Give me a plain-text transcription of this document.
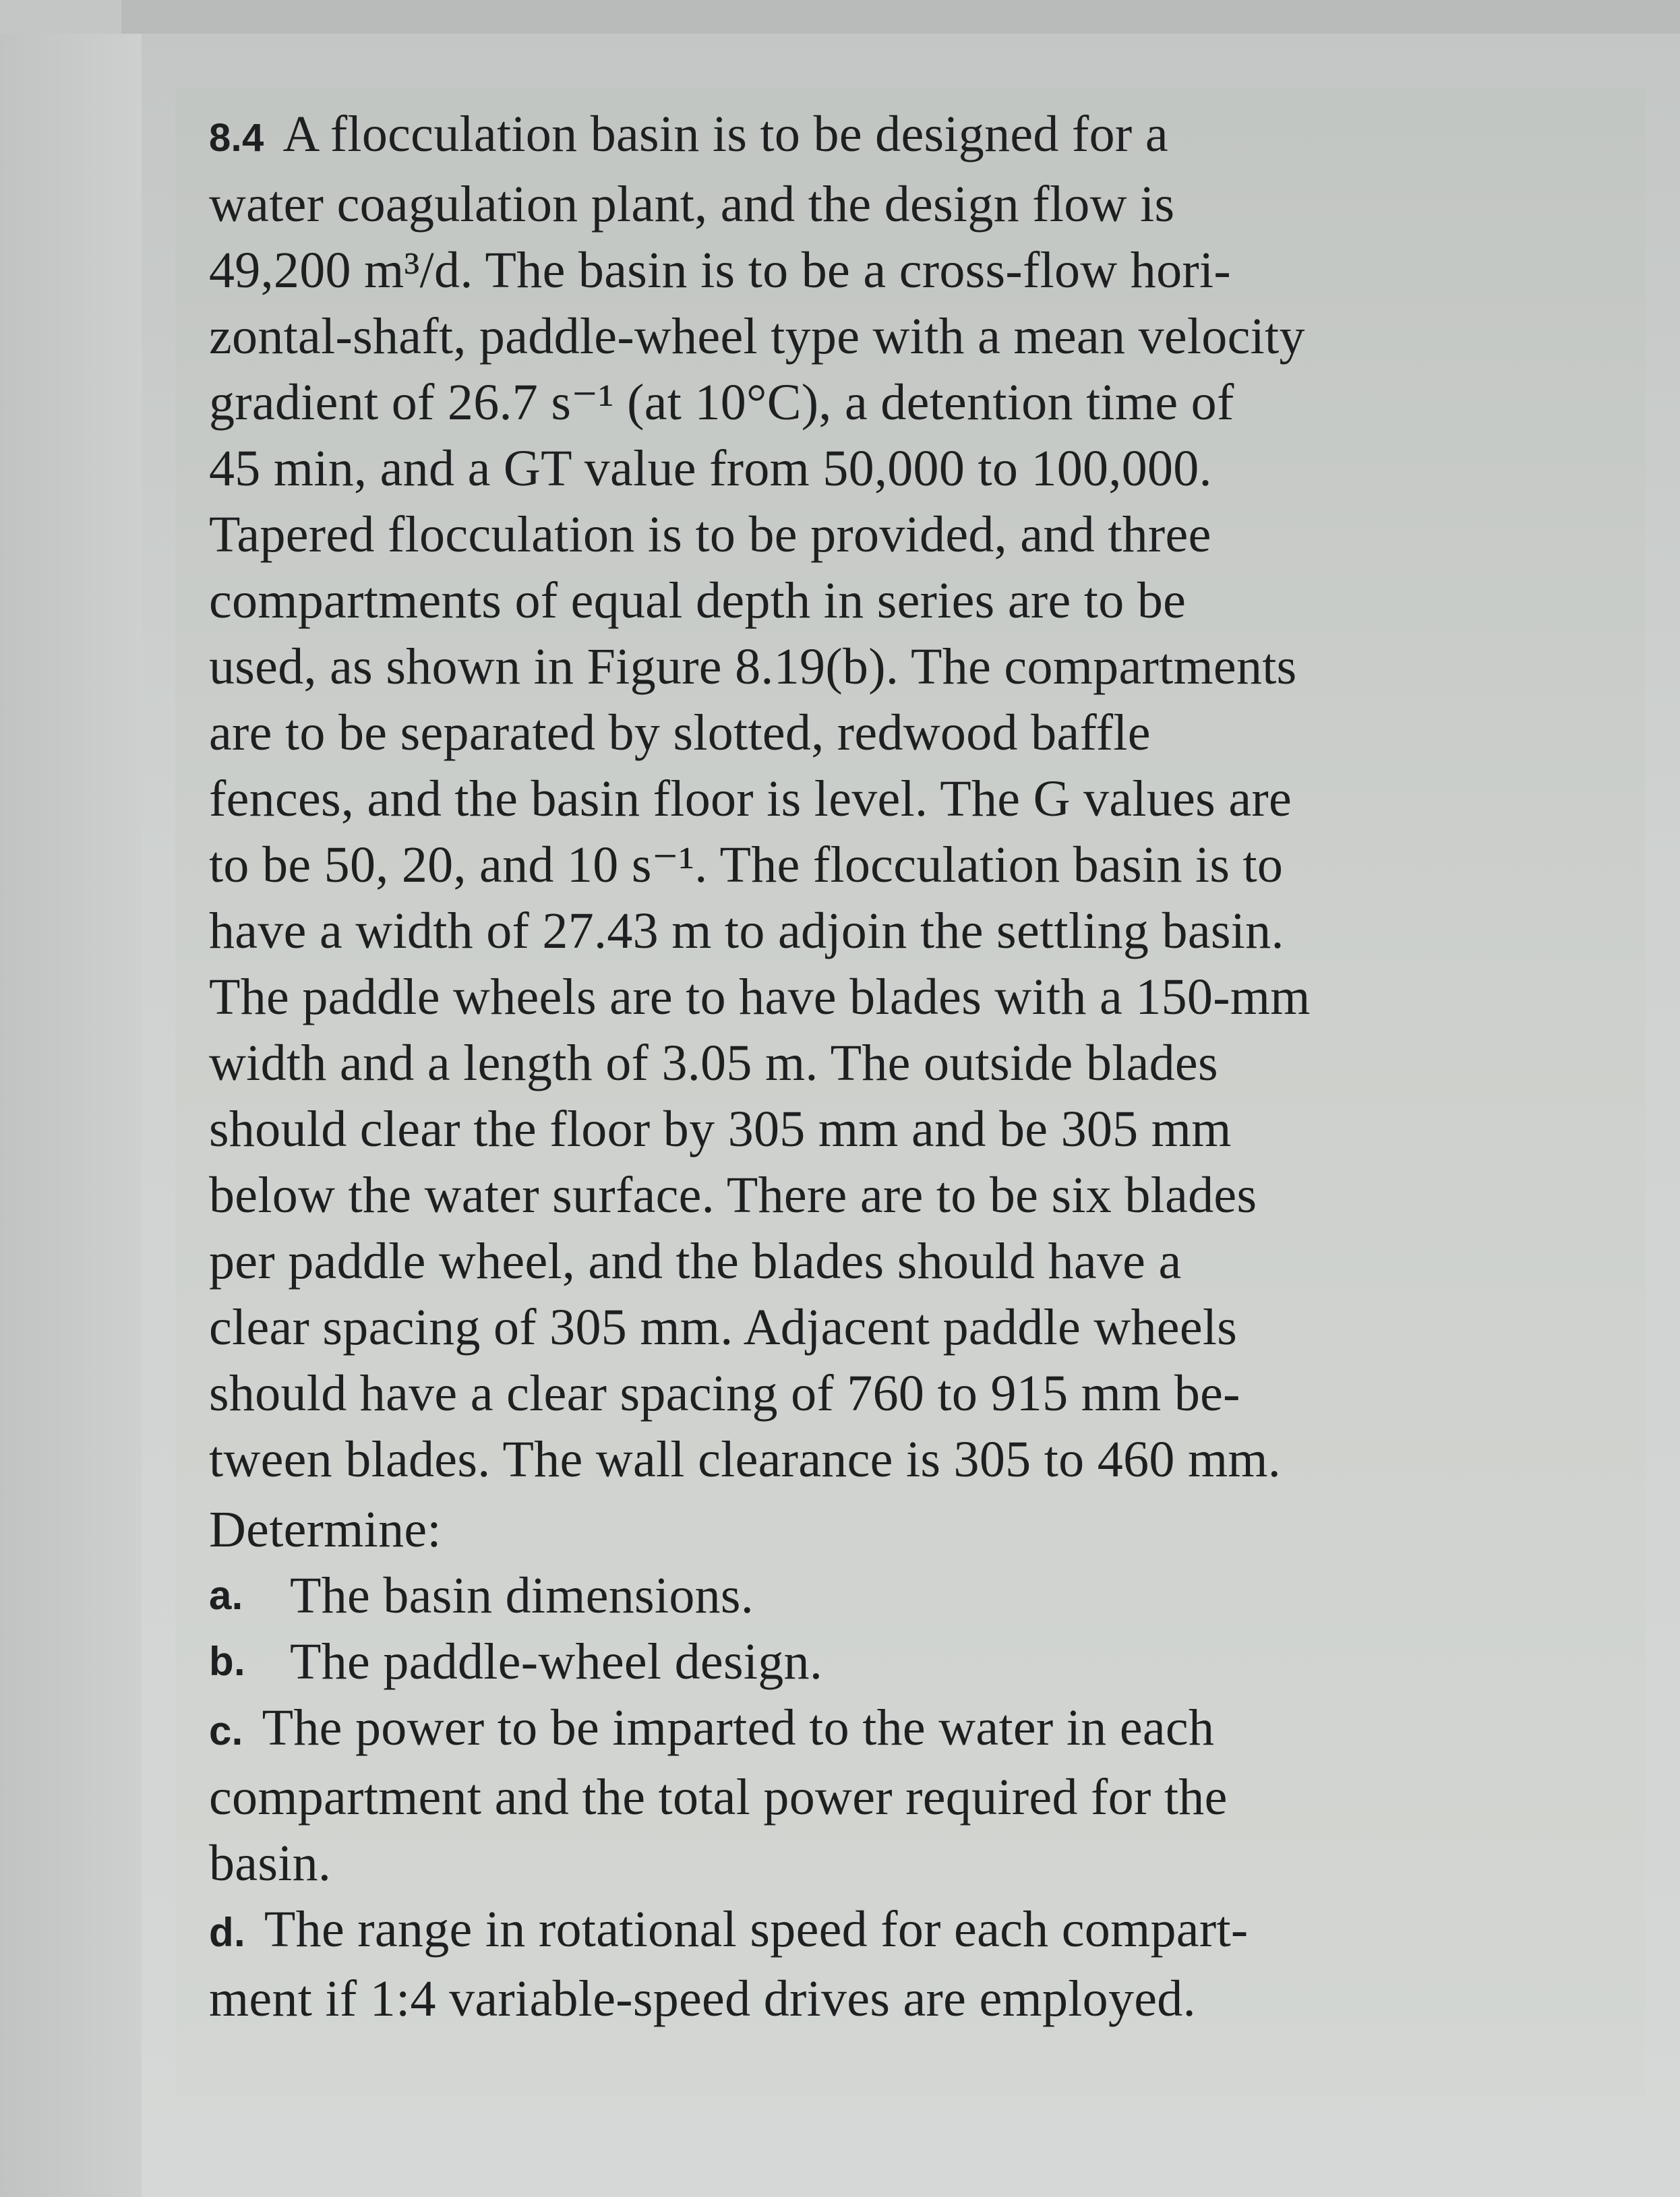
8.4 A flocculation basin is to be designed for a
water coagulation plant, and the design flow is
49,200 m³/d. The basin is to be a cross-flow hori-
zontal-shaft, paddle-wheel type with a mean velocity
gradient of 26.7 s⁻¹ (at 10°C), a detention time of
45 min, and a GT value from 50,000 to 100,000.
Tapered flocculation is to be provided, and three
compartments of equal depth in series are to be
used, as shown in Figure 8.19(b). The compartments
are to be separated by slotted, redwood baffle
fences, and the basin floor is level. The G values are
to be 50, 20, and 10 s⁻¹. The flocculation basin is to
have a width of 27.43 m to adjoin the settling basin.
The paddle wheels are to have blades with a 150-mm
width and a length of 3.05 m. The outside blades
should clear the floor by 305 mm and be 305 mm
below the water surface. There are to be six blades
per paddle wheel, and the blades should have a
clear spacing of 305 mm. Adjacent paddle wheels
should have a clear spacing of 760 to 915 mm be-
tween blades. The wall clearance is 305 to 460 mm.
Determine:
a. The basin dimensions.
b. The paddle-wheel design.
c. The power to be imparted to the water in each
compartment and the total power required for the
basin.
d. The range in rotational speed for each compart-
ment if 1:4 variable-speed drives are employed.
